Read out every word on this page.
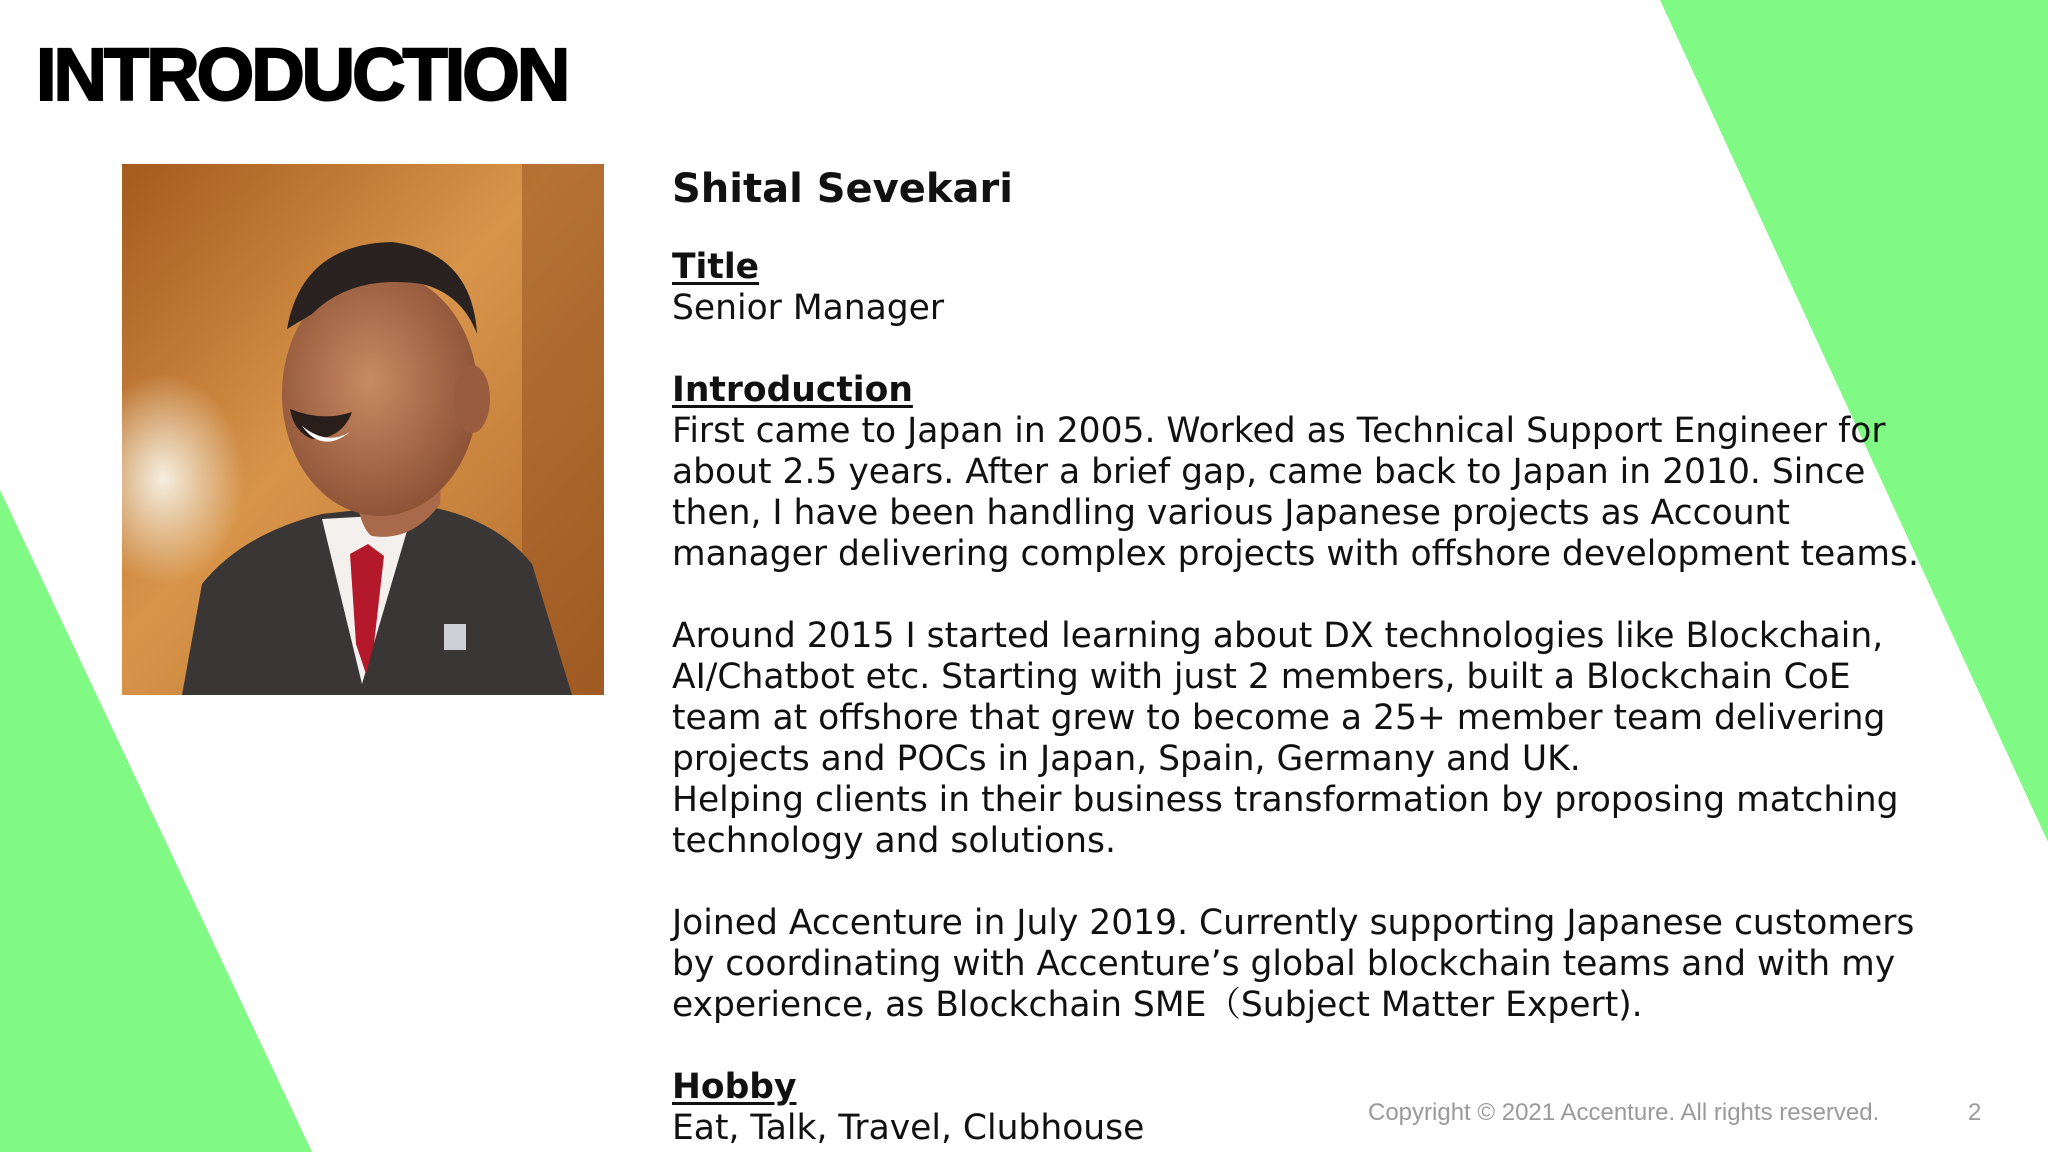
INTRODUCTION
Shital Sevekari
Title

Senior Manager

Introduction

First came to Japan in 2005. Worked as Technical Support Engineer for about 2.5 years. After a brief gap, came back to Japan in 2010. Since then, I have been handling various Japanese projects as Account manager delivering complex projects with offshore development teams.

Around 2015 I started learning about DX technologies like Blockchain, AI/Chatbot etc. Starting with just 2 members, built a Blockchain CoE team at offshore that grew to become a 25+ member team delivering projects and POCs in Japan, Spain, Germany and UK.

Helping clients in their business transformation by proposing matching technology and solutions.

Joined Accenture in July 2019. Currently supporting Japanese customers by coordinating with Accenture’s global blockchain teams and with my experience, as Blockchain SME（Subject Matter Expert).

Hobby

Eat, Talk, Travel, Clubhouse	Copyright © 2021 Accenture. All rights reserved.	2
